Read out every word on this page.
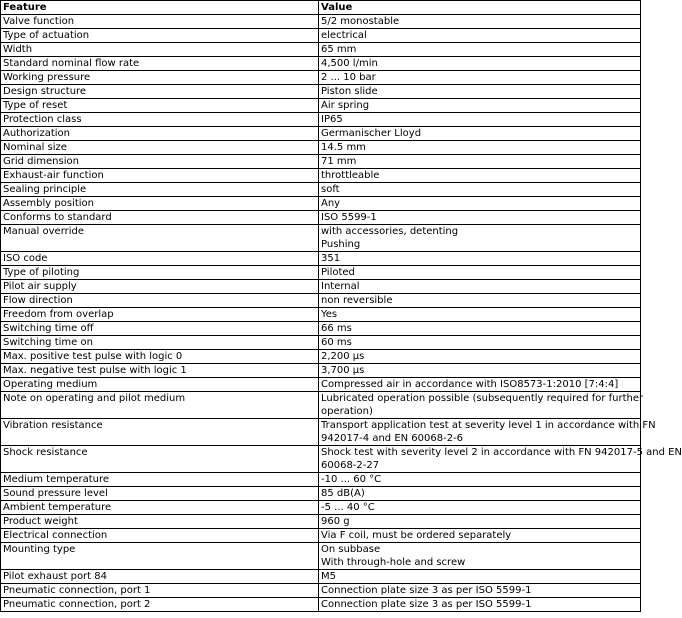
Feature	Value
Valve function	5/2 monostable

Type of actuation	electrical

Width	65 mm

Standard nominal flow rate	4,500 l/min

Working pressure	2 ... 10 bar

Design structure	Piston slide

Type of reset	Air spring

Protection class	IP65

Authorization	Germanischer Lloyd

Nominal size	14.5 mm

Grid dimension	71 mm

Exhaust-air function	throttleable

Sealing principle	soft

Assembly position	Any

Conforms to standard	ISO 5599-1

Manual override	with accessories, detenting
Pushing

ISO code	351

Type of piloting	Piloted

Pilot air supply	Internal

Flow direction	non reversible

Freedom from overlap	Yes

Switching time off	66 ms

Switching time on	60 ms

Max. positive test pulse with logic 0	2,200 µs

Max. negative test pulse with logic 1	3,700 µs

Operating medium	Compressed air in accordance with ISO8573-1:2010 [7:4:4]

Note on operating and pilot medium	Lubricated operation possible (subsequently required for further
operation)

Vibration resistance	Transport application test at severity level 1 in accordance with FN
942017-4 and EN 60068-2-6

Shock resistance	Shock test with severity level 2 in accordance with FN 942017-5 and EN
60068-2-27

Medium temperature	-10 ... 60 °C

Sound pressure level	85 dB(A)

Ambient temperature	-5 ... 40 °C

Product weight	960 g

Electrical connection	Via F coil, must be ordered separately

Mounting type	On subbase
With through-hole and screw

Pilot exhaust port 84	M5

Pneumatic connection, port 1	Connection plate size 3 as per ISO 5599-1

Pneumatic connection, port 2	Connection plate size 3 as per ISO 5599-1
